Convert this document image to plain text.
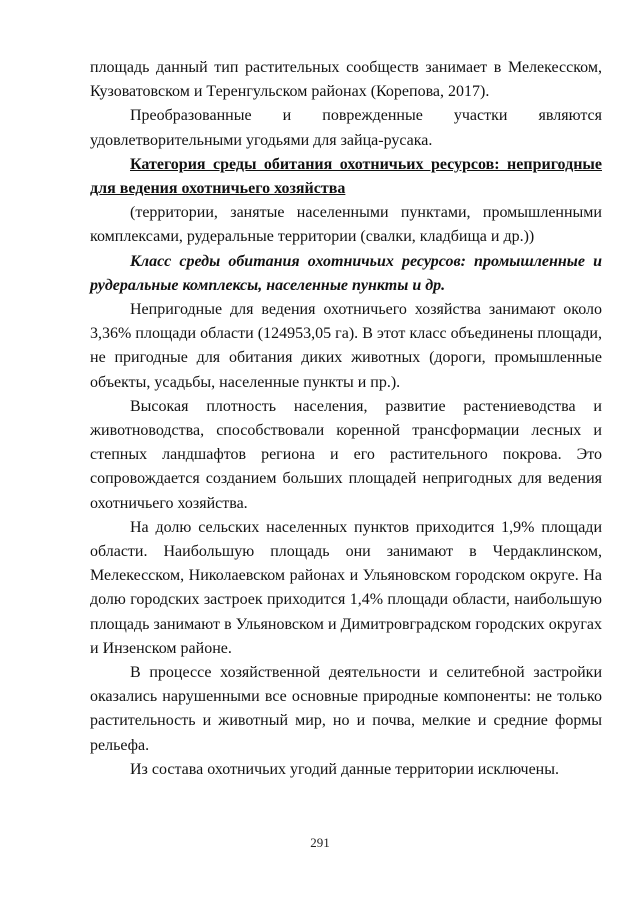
площадь данный тип растительных сообществ занимает в Мелекесском, Кузоватовском и Теренгульском районах (Корепова, 2017).

Преобразованные и поврежденные участки являются удовлетворительными угодьями для зайца-русака.

Категория среды обитания охотничьих ресурсов: непригодные для ведения охотничьего хозяйства

(территории, занятые населенными пунктами, промышленными комплексами, рудеральные территории (свалки, кладбища и др.))

Класс среды обитания охотничьих ресурсов: промышленные и рудеральные комплексы, населенные пункты и др.

Непригодные для ведения охотничьего хозяйства занимают около 3,36% площади области (124953,05 га). В этот класс объединены площади, не пригодные для обитания диких животных (дороги, промышленные объекты, усадьбы, населенные пункты и пр.).

Высокая плотность населения, развитие растениеводства и животноводства, способствовали коренной трансформации лесных и степных ландшафтов региона и его растительного покрова. Это сопровождается созданием больших площадей непригодных для ведения охотничьего хозяйства.

На долю сельских населенных пунктов приходится 1,9% площади области. Наибольшую площадь они занимают в Чердаклинском, Мелекесском, Николаевском районах и Ульяновском городском округе. На долю городских застроек приходится 1,4% площади области, наибольшую площадь занимают в Ульяновском и Димитровградском городских округах и Инзенском районе.

В процессе хозяйственной деятельности и селитебной застройки оказались нарушенными все основные природные компоненты: не только растительность и животный мир, но и почва, мелкие и средние формы рельефа.

Из состава охотничьих угодий данные территории исключены.

291
